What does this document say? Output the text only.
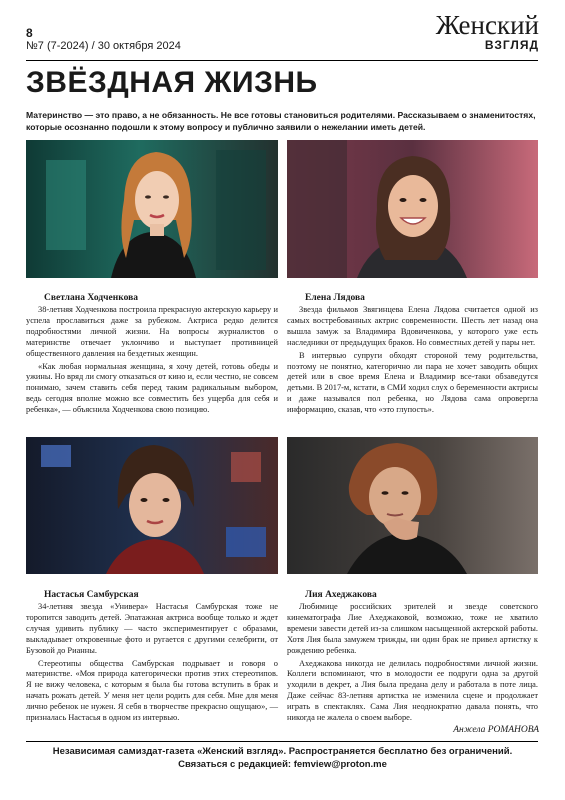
8
№7 (7-2024) / 30 октября 2024
Женский
ВЗГЛЯД
ЗВЁЗДНАЯ ЖИЗНЬ
Материнство — это право, а не обязанность. Не все готовы становиться родителями. Рассказываем о знаменитостях, которые осознанно подошли к этому вопросу и публично заявили о нежелании иметь детей.
Светлана Ходченкова

38-летняя Ходченкова построила прекрасную актерскую карьеру и успела прославиться даже за рубежом. Актриса редко делится подробностями личной жизни. На вопросы журналистов о материнстве отвечает уклончиво и выступает противницей общественного давления на бездетных женщин.

«Как любая нормальная женщина, я хочу детей, готовь обеды и ужины. Но вряд ли смогу отказаться от кино и, если честно, не совсем понимаю, зачем ставить себя перед таким радикальным выбором, ведь сегодня вполне можно все совместить без ущерба для себя и ребенка», — объяснила Ходченкова свою позицию.

Елена Лядова

Звезда фильмов Звягинцева Елена Лядова считается одной из самых востребованных актрис современности. Шесть лет назад она вышла замуж за Владимира Вдовиченкова, у которого уже есть наследники от предыдущих браков. Но совместных детей у пары нет.

В интервью супруги обходят стороной тему родительства, поэтому не понятно, категорично ли пара не хочет заводить общих детей или в свое время Елена и Владимир все-таки обзаведутся детьми. В 2017-м, кстати, в СМИ ходил слух о беременности актрисы и даже назывался пол ребенка, но Лядова сама опровергла информацию, сказав, что «это глупость».

Настасья Самбурская

34-летняя звезда «Универа» Настасья Самбурская тоже не торопится заводить детей. Эпатажная актриса вообще только и ждет случая удивить публику — часто экспериментирует с образами, выкладывает откровенные фото и ругается с другими селебрити, от Бузовой до Рианны.

Стереотипы общества Самбурская подрывает и говоря о материнстве. «Моя природа категорически против этих стереотипов. Я не вижу человека, с которым я была бы готова вступить в брак и начать рожать детей. У меня нет цели родить для себя. Мне для меня лично ребенок не нужен. Я себя в творчестве прекрасно ощущаю», — призналась Настасья в одном из интервью.

Лия Ахеджакова

Любимице российских зрителей и звезде советского кинематографа Лие Ахеджаковой, возможно, тоже не хватило времени завести детей из-за слишком насыщенной актерской работы. Хотя Лия была замужем трижды, ни один брак не привел артистку к рождению ребенка.

Ахеджакова никогда не делилась подробностями личной жизни. Коллеги вспоминают, что в молодости ее подруги одна за другой уходили в декрет, а Лия была предана делу и работала в поте лица. Даже сейчас 83-летняя артистка не изменила сцене и продолжает играть в спектаклях. Сама Лия неоднократно давала понять, что никогда не жалела о своем выборе.

Анжела РОМАНОВА
Независимая самиздат-газета «Женский взгляд». Распространяется бесплатно без ограничений.
Связаться с редакцией: femview@proton.me
